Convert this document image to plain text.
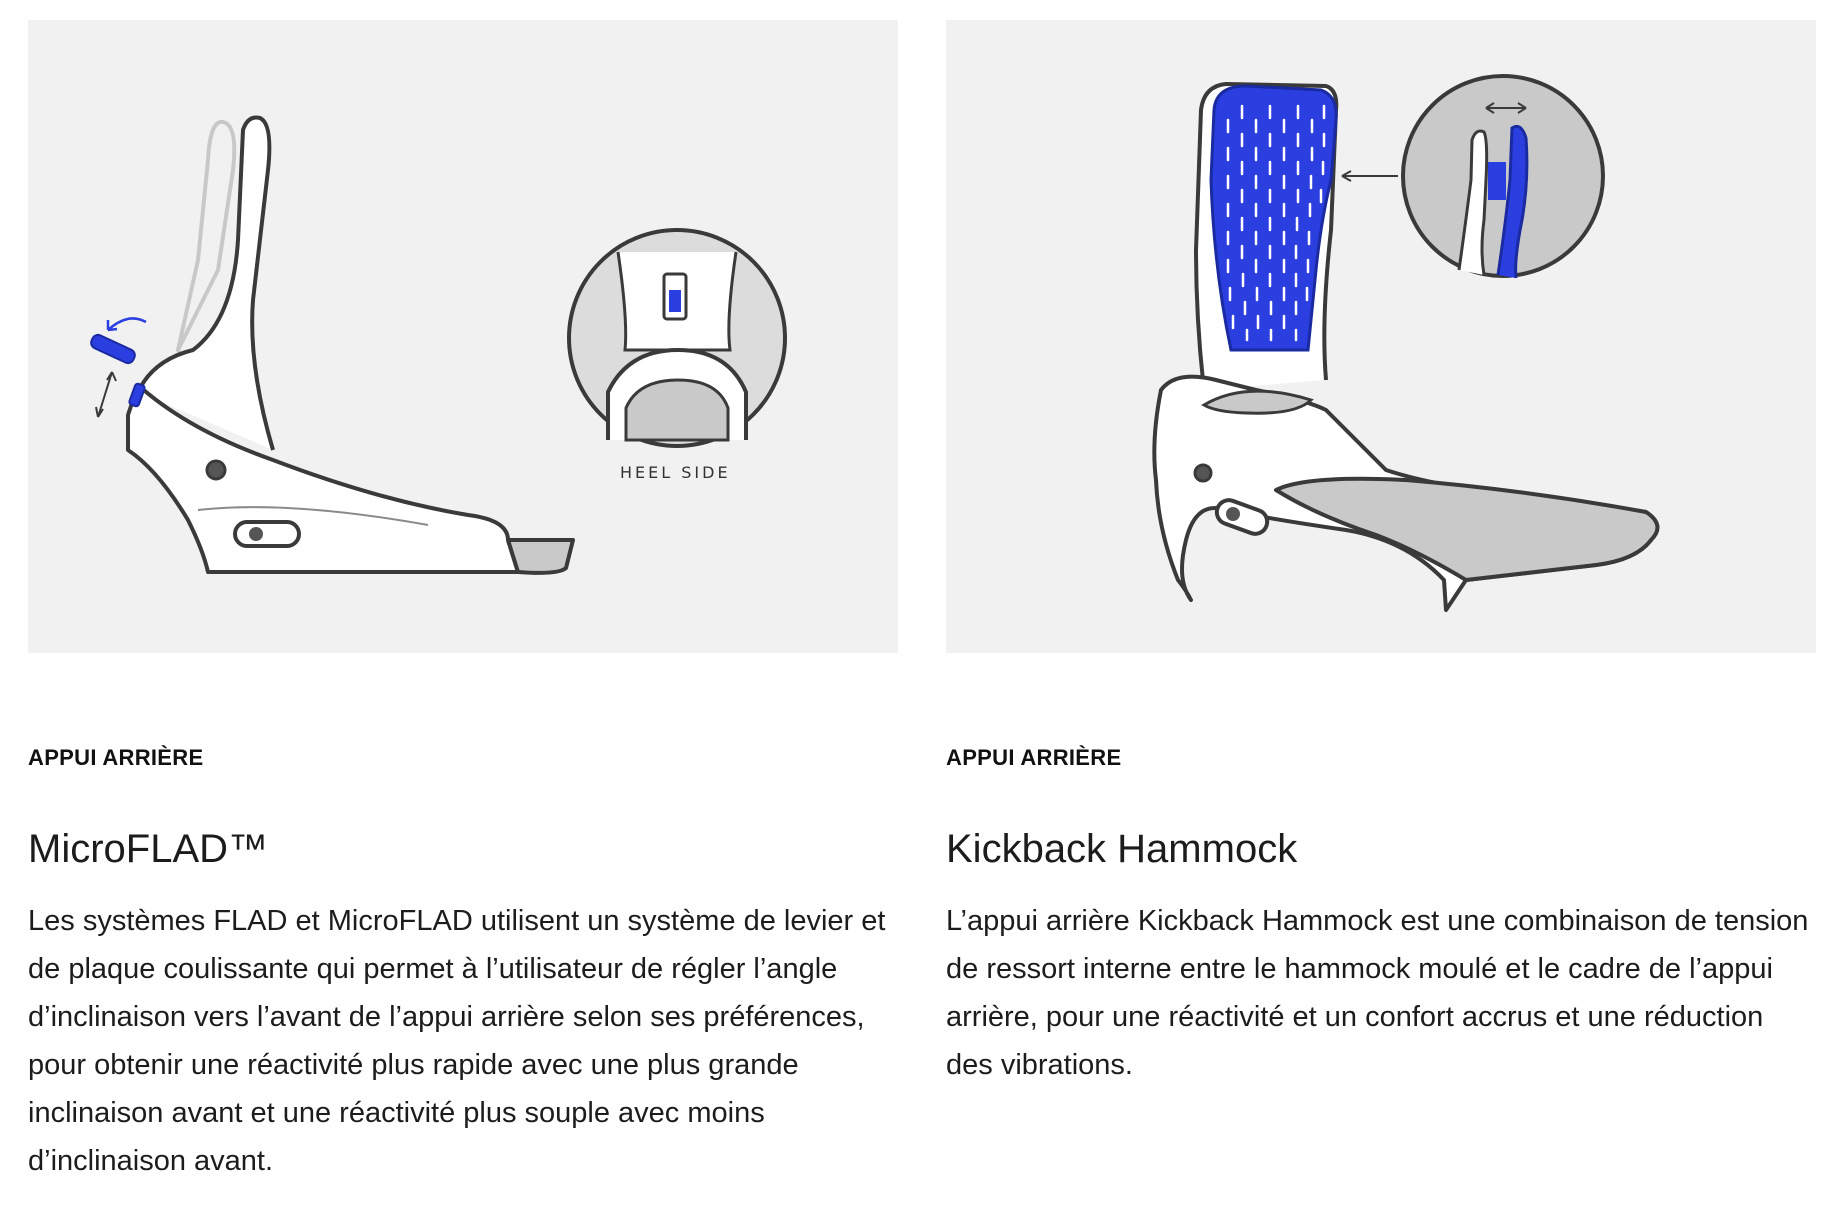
HEEL SIDE
APPUI ARRIÈRE
MicroFLAD™
Les systèmes FLAD et MicroFLAD utilisent un système de levier et de plaque coulissante qui permet à l’utilisateur de régler l’angle d’inclinaison vers l’avant de l’appui arrière selon ses préférences, pour obtenir une réactivité plus rapide avec une plus grande inclinaison avant et une réactivité plus souple avec moins d’inclinaison avant.
APPUI ARRIÈRE
Kickback Hammock
L’appui arrière Kickback Hammock est une combinaison de tension de ressort interne entre le hammock moulé et le cadre de l’appui arrière, pour une réactivité et un confort accrus et une réduction des vibrations.
